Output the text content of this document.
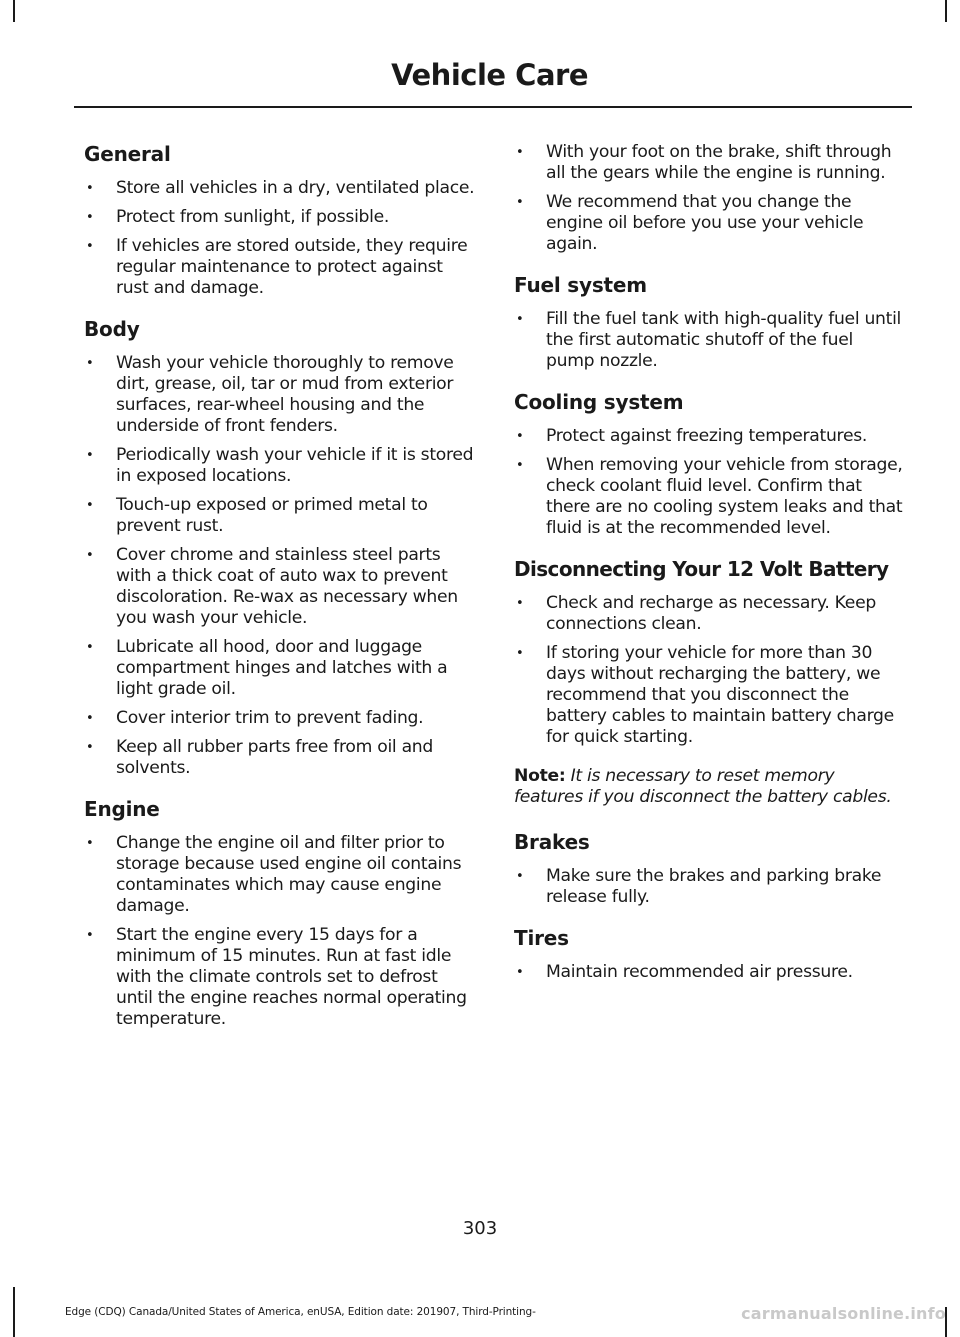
Vehicle Care
General
• Store all vehicles in a dry, ventilated place.
• Protect from sunlight, if possible.
• If vehicles are stored outside, they require regular maintenance to protect against rust and damage.
Body
• Wash your vehicle thoroughly to remove dirt, grease, oil, tar or mud from exterior surfaces, rear-wheel housing and the underside of front fenders.
• Periodically wash your vehicle if it is stored in exposed locations.
• Touch-up exposed or primed metal to prevent rust.
• Cover chrome and stainless steel parts with a thick coat of auto wax to prevent discoloration. Re-wax as necessary when you wash your vehicle.
• Lubricate all hood, door and luggage compartment hinges and latches with a light grade oil.
• Cover interior trim to prevent fading.
• Keep all rubber parts free from oil and solvents.
Engine
• Change the engine oil and filter prior to storage because used engine oil contains contaminates which may cause engine damage.
• Start the engine every 15 days for a minimum of 15 minutes. Run at fast idle with the climate controls set to defrost until the engine reaches normal operating temperature.
• With your foot on the brake, shift through all the gears while the engine is running.
• We recommend that you change the engine oil before you use your vehicle again.
Fuel system
• Fill the fuel tank with high-quality fuel until the first automatic shutoff of the fuel pump nozzle.
Cooling system
• Protect against freezing temperatures.
• When removing your vehicle from storage, check coolant fluid level. Confirm that there are no cooling system leaks and that fluid is at the recommended level.
Disconnecting Your 12 Volt Battery
• Check and recharge as necessary. Keep connections clean.
• If storing your vehicle for more than 30 days without recharging the battery, we recommend that you disconnect the battery cables to maintain battery charge for quick starting.

Note: It is necessary to reset memory features if you disconnect the battery cables.

Brakes
• Make sure the brakes and parking brake release fully.
Tires
• Maintain recommended air pressure.
303
Edge (CDQ) Canada/United States of America, enUSA, Edition date: 201907, Third-Printing-	carmanualsonline.info
